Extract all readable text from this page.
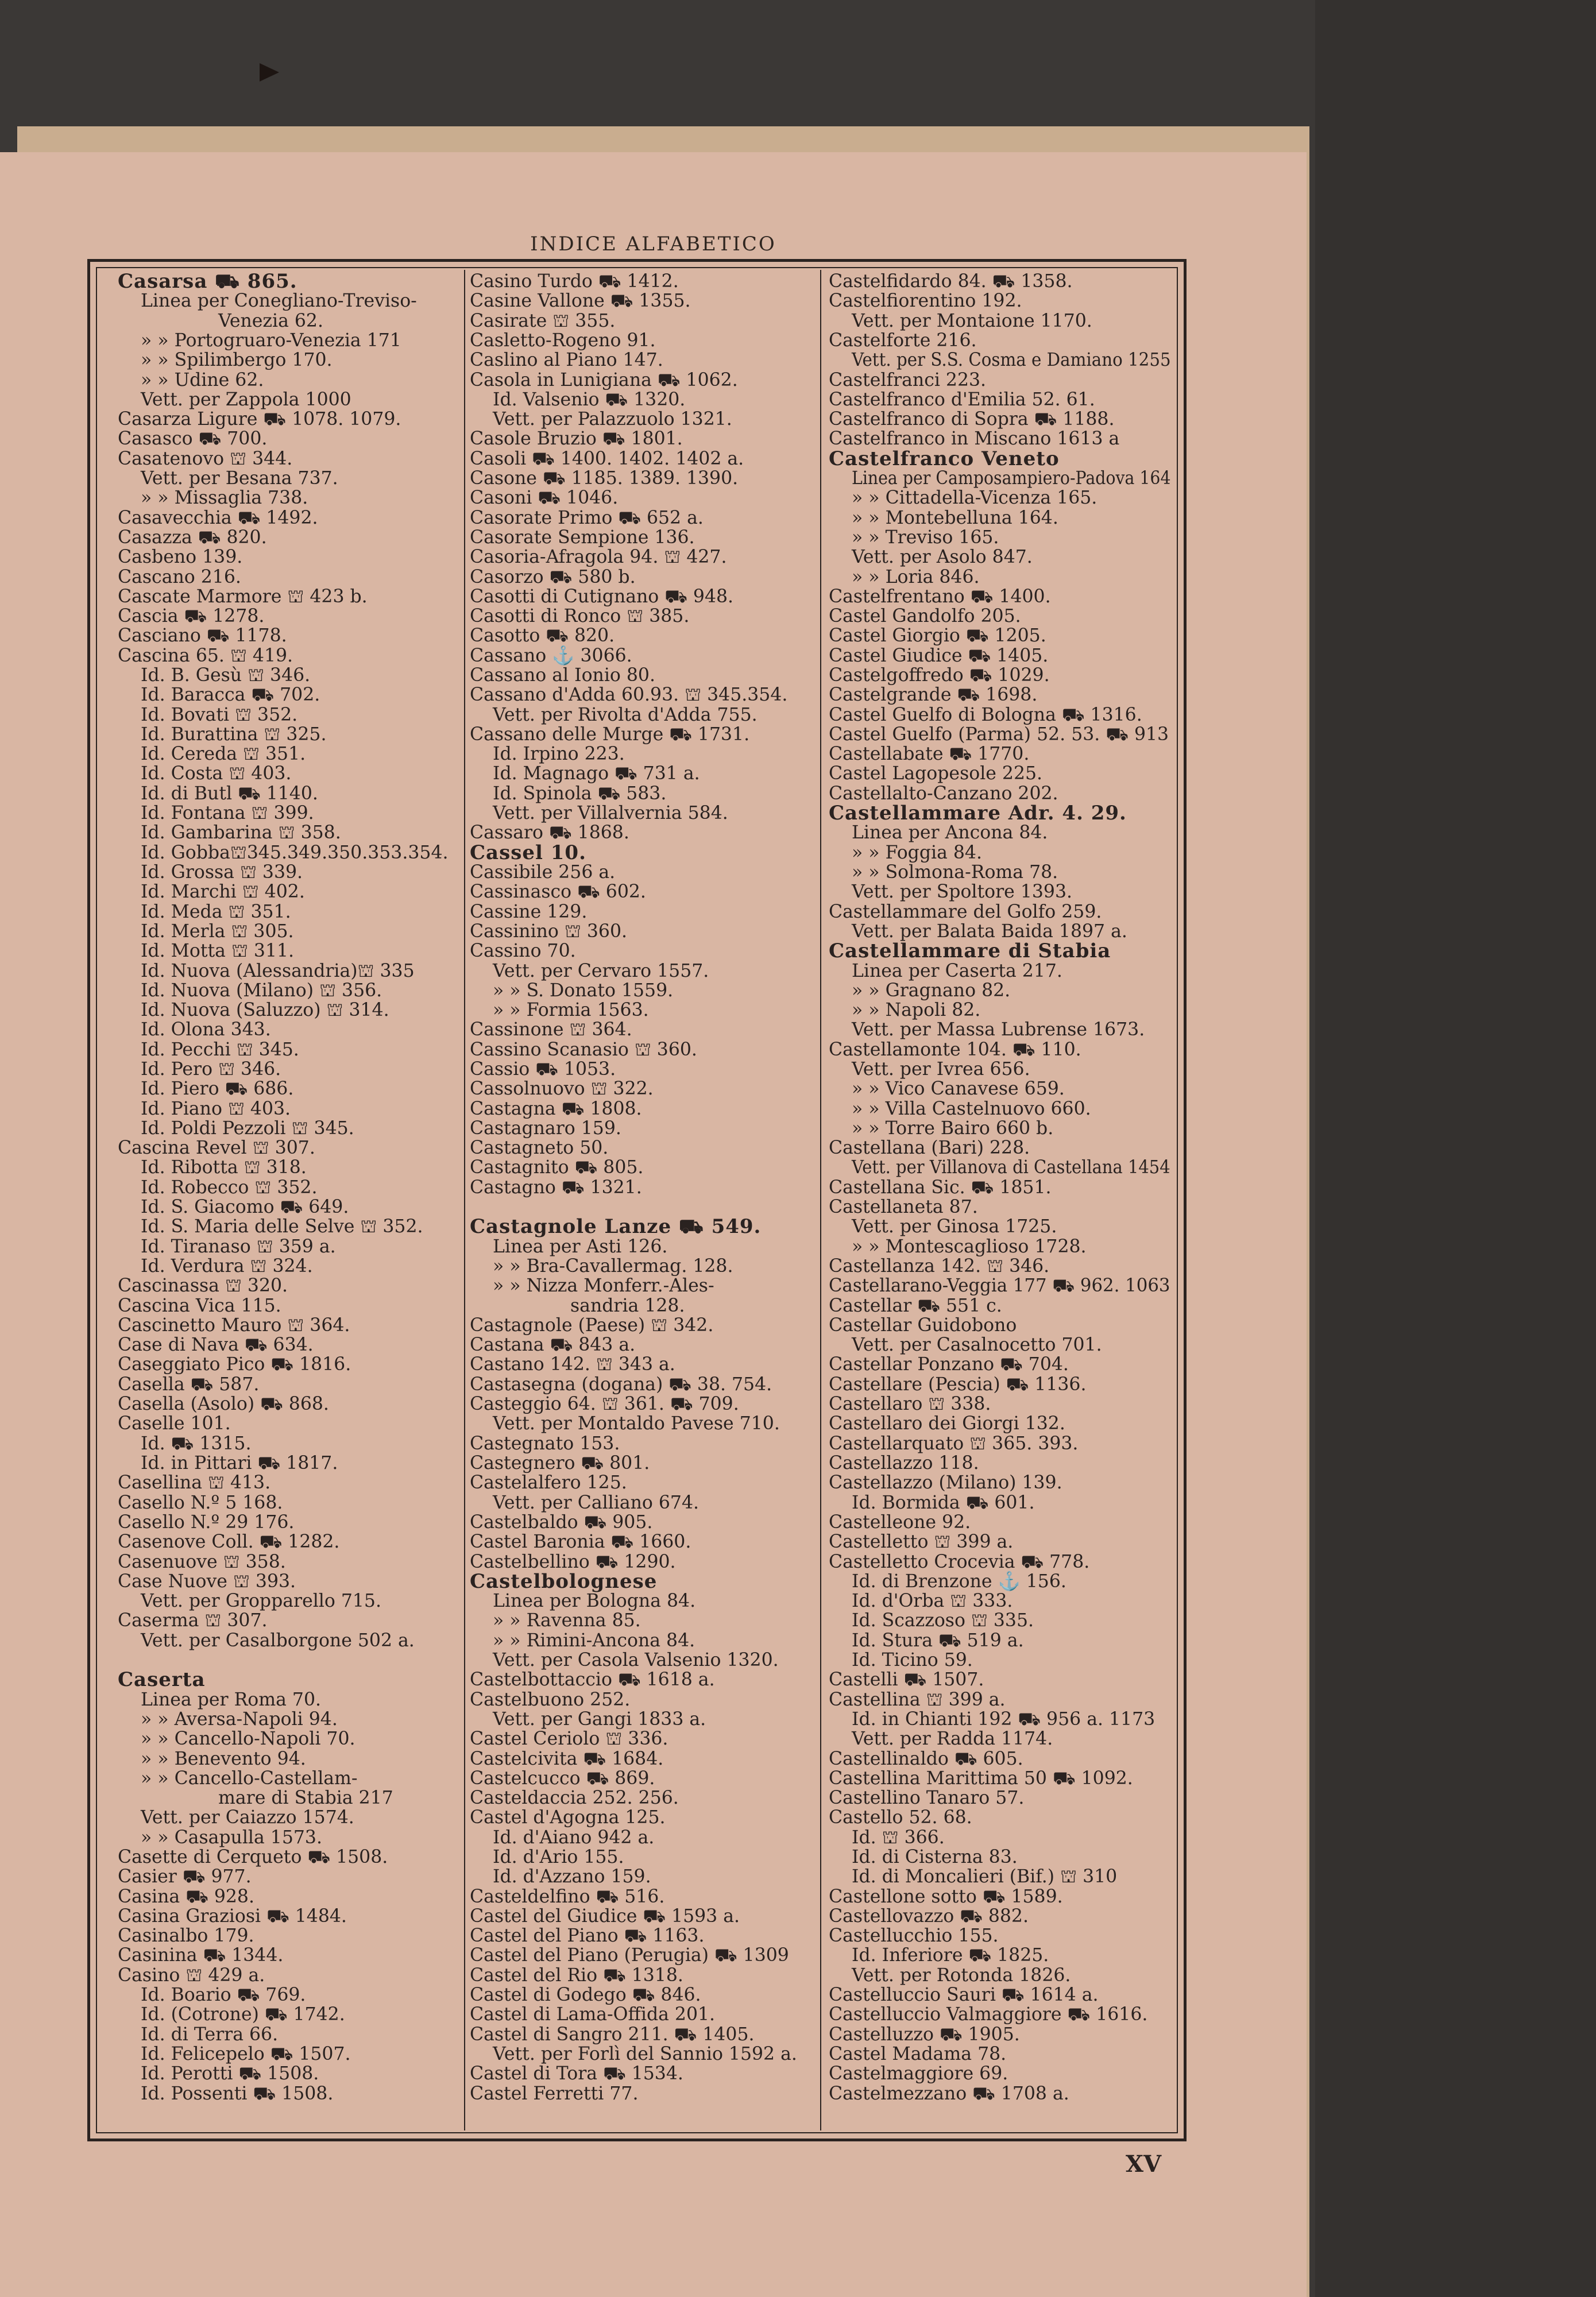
INDICE ALFABETICO
Casarsa ⛟ 865.
Linea per Conegliano-Treviso-
Venezia 62.
» » Portogruaro-Venezia 171
» » Spilimbergo 170.
» » Udine 62.
Vett. per Zappola 1000
Casarza Ligure ⛟ 1078. 1079.
Casasco ⛟ 700.
Casatenovo ⛫ 344.
Vett. per Besana 737.
» » Missaglia 738.
Casavecchia ⛟ 1492.
Casazza ⛟ 820.
Casbeno 139.
Cascano 216.
Cascate Marmore ⛫ 423 b.
Cascia ⛟ 1278.
Casciano ⛟ 1178.
Cascina 65. ⛫ 419.
Id. B. Gesù ⛫ 346.
Id. Baracca ⛟ 702.
Id. Bovati ⛫ 352.
Id. Burattina ⛫ 325.
Id. Cereda ⛫ 351.
Id. Costa ⛫ 403.
Id. di Butl ⛟ 1140.
Id. Fontana ⛫ 399.
Id. Gambarina ⛫ 358.
Id. Gobba⛫345.349.350.353.354.
Id. Grossa ⛫ 339.
Id. Marchi ⛫ 402.
Id. Meda ⛫ 351.
Id. Merla ⛫ 305.
Id. Motta ⛫ 311.
Id. Nuova (Alessandria)⛫ 335
Id. Nuova (Milano) ⛫ 356.
Id. Nuova (Saluzzo) ⛫ 314.
Id. Olona 343.
Id. Pecchi ⛫ 345.
Id. Pero ⛫ 346.
Id. Piero ⛟ 686.
Id. Piano ⛫ 403.
Id. Poldi Pezzoli ⛫ 345.
Cascina Revel ⛫ 307.
Id. Ribotta ⛫ 318.
Id. Robecco ⛫ 352.
Id. S. Giacomo ⛟ 649.
Id. S. Maria delle Selve ⛫ 352.
Id. Tiranaso ⛫ 359 a.
Id. Verdura ⛫ 324.
Cascinassa ⛫ 320.
Cascina Vica 115.
Cascinetto Mauro ⛫ 364.
Case di Nava ⛟ 634.
Caseggiato Pico ⛟ 1816.
Casella ⛟ 587.
Casella (Asolo) ⛟ 868.
Caselle 101.
Id. ⛟ 1315.
Id. in Pittari ⛟ 1817.
Casellina ⛫ 413.
Casello N.º 5 168.
Casello N.º 29 176.
Casenove Coll. ⛟ 1282.
Casenuove ⛫ 358.
Case Nuove ⛫ 393.
Vett. per Gropparello 715.
Caserma ⛫ 307.
Vett. per Casalborgone 502 a.
Caserta
Linea per Roma 70.
» » Aversa-Napoli 94.
» » Cancello-Napoli 70.
» » Benevento 94.
» » Cancello-Castellam-
mare di Stabia 217
Vett. per Caiazzo 1574.
» » Casapulla 1573.
Casette di Cerqueto ⛟ 1508.
Casier ⛟ 977.
Casina ⛟ 928.
Casina Graziosi ⛟ 1484.
Casinalbo 179.
Casinina ⛟ 1344.
Casino ⛫ 429 a.
Id. Boario ⛟ 769.
Id. (Cotrone) ⛟ 1742.
Id. di Terra 66.
Id. Felicepelo ⛟ 1507.
Id. Perotti ⛟ 1508.
Id. Possenti ⛟ 1508.
Casino Turdo ⛟ 1412.
Casine Vallone ⛟ 1355.
Casirate ⛫ 355.
Casletto-Rogeno 91.
Caslino al Piano 147.
Casola in Lunigiana ⛟ 1062.
Id. Valsenio ⛟ 1320.
Vett. per Palazzuolo 1321.
Casole Bruzio ⛟ 1801.
Casoli ⛟ 1400. 1402. 1402 a.
Casone ⛟ 1185. 1389. 1390.
Casoni ⛟ 1046.
Casorate Primo ⛟ 652 a.
Casorate Sempione 136.
Casoria-Afragola 94. ⛫ 427.
Casorzo ⛟ 580 b.
Casotti di Cutignano ⛟ 948.
Casotti di Ronco ⛫ 385.
Casotto ⛟ 820.
Cassano ⚓ 3066.
Cassano al Ionio 80.
Cassano d'Adda 60.93. ⛫ 345.354.
Vett. per Rivolta d'Adda 755.
Cassano delle Murge ⛟ 1731.
Id. Irpino 223.
Id. Magnago ⛟ 731 a.
Id. Spinola ⛟ 583.
Vett. per Villalvernia 584.
Cassaro ⛟ 1868.
Cassel 10.
Cassibile 256 a.
Cassinasco ⛟ 602.
Cassine 129.
Cassinino ⛫ 360.
Cassino 70.
Vett. per Cervaro 1557.
» » S. Donato 1559.
» » Formia 1563.
Cassinone ⛫ 364.
Cassino Scanasio ⛫ 360.
Cassio ⛟ 1053.
Cassolnuovo ⛫ 322.
Castagna ⛟ 1808.
Castagnaro 159.
Castagneto 50.
Castagnito ⛟ 805.
Castagno ⛟ 1321.
Castagnole Lanze ⛟ 549.
Linea per Asti 126.
» » Bra-Cavallermag. 128.
» » Nizza Monferr.-Ales-
sandria 128.
Castagnole (Paese) ⛫ 342.
Castana ⛟ 843 a.
Castano 142. ⛫ 343 a.
Castasegna (dogana) ⛟ 38. 754.
Casteggio 64. ⛫ 361. ⛟ 709.
Vett. per Montaldo Pavese 710.
Castegnato 153.
Castegnero ⛟ 801.
Castelalfero 125.
Vett. per Calliano 674.
Castelbaldo ⛟ 905.
Castel Baronia ⛟ 1660.
Castelbellino ⛟ 1290.
Castelbolognese
Linea per Bologna 84.
» » Ravenna 85.
» » Rimini-Ancona 84.
Vett. per Casola Valsenio 1320.
Castelbottaccio ⛟ 1618 a.
Castelbuono 252.
Vett. per Gangi 1833 a.
Castel Ceriolo ⛫ 336.
Castelcivita ⛟ 1684.
Castelcucco ⛟ 869.
Casteldaccia 252. 256.
Castel d'Agogna 125.
Id. d'Aiano 942 a.
Id. d'Ario 155.
Id. d'Azzano 159.
Casteldelfino ⛟ 516.
Castel del Giudice ⛟ 1593 a.
Castel del Piano ⛟ 1163.
Castel del Piano (Perugia) ⛟ 1309
Castel del Rio ⛟ 1318.
Castel di Godego ⛟ 846.
Castel di Lama-Offida 201.
Castel di Sangro 211. ⛟ 1405.
Vett. per Forlì del Sannio 1592 a.
Castel di Tora ⛟ 1534.
Castel Ferretti 77.
Castelfidardo 84. ⛟ 1358.
Castelfiorentino 192.
Vett. per Montaione 1170.
Castelforte 216.
Vett. per S.S. Cosma e Damiano 1255
Castelfranci 223.
Castelfranco d'Emilia 52. 61.
Castelfranco di Sopra ⛟ 1188.
Castelfranco in Miscano 1613 a
Castelfranco Veneto
Linea per Camposampiero-Padova 164
» » Cittadella-Vicenza 165.
» » Montebelluna 164.
» » Treviso 165.
Vett. per Asolo 847.
» » Loria 846.
Castelfrentano ⛟ 1400.
Castel Gandolfo 205.
Castel Giorgio ⛟ 1205.
Castel Giudice ⛟ 1405.
Castelgoffredo ⛟ 1029.
Castelgrande ⛟ 1698.
Castel Guelfo di Bologna ⛟ 1316.
Castel Guelfo (Parma) 52. 53. ⛟ 913
Castellabate ⛟ 1770.
Castel Lagopesole 225.
Castellalto-Canzano 202.
Castellammare Adr. 4. 29.
Linea per Ancona 84.
» » Foggia 84.
» » Solmona-Roma 78.
Vett. per Spoltore 1393.
Castellammare del Golfo 259.
Vett. per Balata Baida 1897 a.
Castellammare di Stabia
Linea per Caserta 217.
» » Gragnano 82.
» » Napoli 82.
Vett. per Massa Lubrense 1673.
Castellamonte 104. ⛟ 110.
Vett. per Ivrea 656.
» » Vico Canavese 659.
» » Villa Castelnuovo 660.
» » Torre Bairo 660 b.
Castellana (Bari) 228.
Vett. per Villanova di Castellana 1454
Castellana Sic. ⛟ 1851.
Castellaneta 87.
Vett. per Ginosa 1725.
» » Montescaglioso 1728.
Castellanza 142. ⛫ 346.
Castellarano-Veggia 177 ⛟ 962. 1063
Castellar ⛟ 551 c.
Castellar Guidobono
Vett. per Casalnocetto 701.
Castellar Ponzano ⛟ 704.
Castellare (Pescia) ⛟ 1136.
Castellaro ⛫ 338.
Castellaro dei Giorgi 132.
Castellarquato ⛫ 365. 393.
Castellazzo 118.
Castellazzo (Milano) 139.
Id. Bormida ⛟ 601.
Castelleone 92.
Castelletto ⛫ 399 a.
Castelletto Crocevia ⛟ 778.
Id. di Brenzone ⚓ 156.
Id. d'Orba ⛫ 333.
Id. Scazzoso ⛫ 335.
Id. Stura ⛟ 519 a.
Id. Ticino 59.
Castelli ⛟ 1507.
Castellina ⛫ 399 a.
Id. in Chianti 192 ⛟ 956 a. 1173
Vett. per Radda 1174.
Castellinaldo ⛟ 605.
Castellina Marittima 50 ⛟ 1092.
Castellino Tanaro 57.
Castello 52. 68.
Id. ⛫ 366.
Id. di Cisterna 83.
Id. di Moncalieri (Bif.) ⛫ 310
Castellone sotto ⛟ 1589.
Castellovazzo ⛟ 882.
Castellucchio 155.
Id. Inferiore ⛟ 1825.
Vett. per Rotonda 1826.
Castelluccio Sauri ⛟ 1614 a.
Castelluccio Valmaggiore ⛟ 1616.
Castelluzzo ⛟ 1905.
Castel Madama 78.
Castelmaggiore 69.
Castelmezzano ⛟ 1708 a.
XV
